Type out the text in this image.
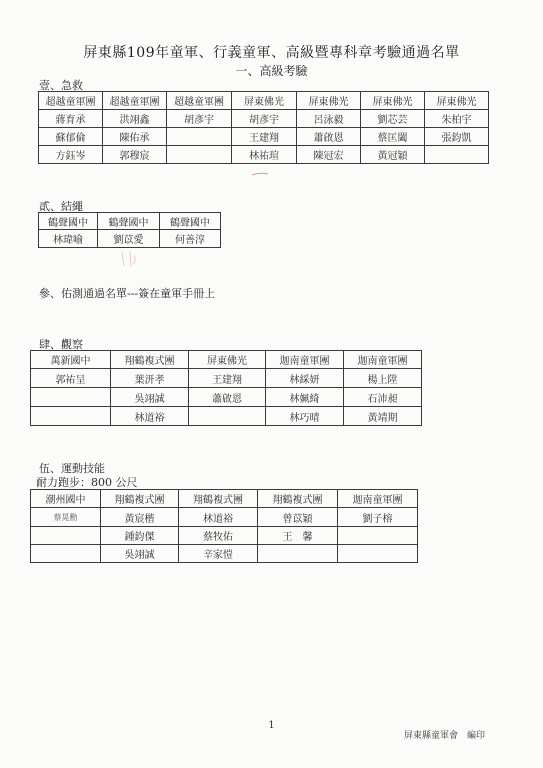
屏東縣109年童軍、行義童軍、高級暨專科章考驗通過名單
一、高級考驗
壹、急救
超越童軍團	超越童軍團	超越童軍團	屏東佛光	屏東佛光	屏東佛光	屏東佛光
蔣育承	洪翊鑫	胡彥宇	胡彥宇	呂泳毅	劉芯芸	朱柏宇
蘇郁倫	陳佑承		王建翔	蕭啟恩	蔡匡闔	張鈞凱
方鈺岑	郭穆宸		林祐瑄	陳冠宏	黃冠穎	
貳、結繩
鶴聲國中	鶴聲國中	鶴聲國中
林瑋喻	劉苡愛	何善淳
參、佑測通過名單---簽在童軍手冊上
肆、觀察
萬新國中	翔鶴複式團	屏東佛光	迦南童軍團	迦南童軍團
郭祐呈	葉汧孝	王建翔	林綵妍	楊上陞
	吳翊誠	蕭啟恩	林姵綺	石沛昶
	林道裕		林巧晴	黃靖期
伍、運動技能
耐力跑步：800 公尺
潮州國中	翔鶴複式團	翔鶴複式團	翔鶴複式團	迦南童軍團
蔡晃勳	黃宸楷	林道裕	曾苡穎	劉子榕
	鍾鈞傑	蔡牧佑	王　馨	
	吳翊誠	辛家愷		
1
屏東縣童軍會　編印
